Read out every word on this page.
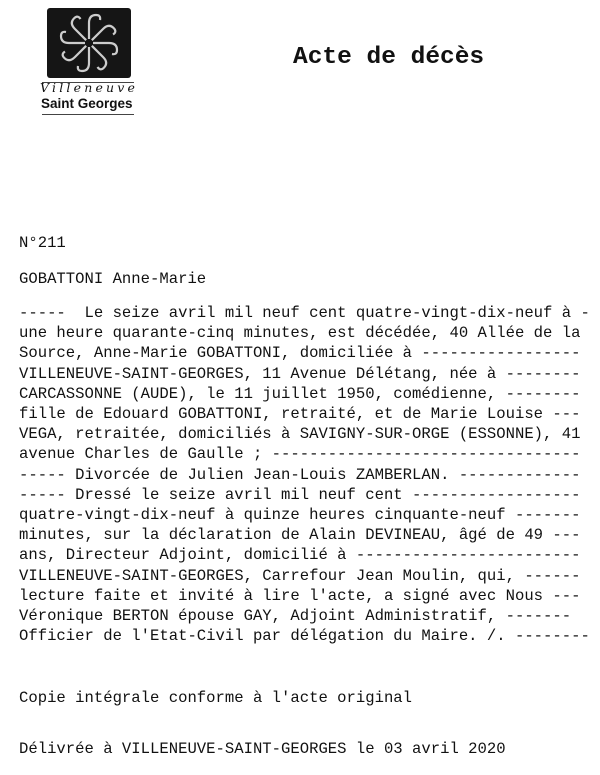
Villeneuve
Saint Georges
Acte de décès
N°211
GOBATTONI Anne-Marie
-----  Le seize avril mil neuf cent quatre-vingt-dix-neuf à -
une heure quarante-cinq minutes, est décédée, 40 Allée de la
Source, Anne-Marie GOBATTONI, domiciliée à -----------------
VILLENEUVE-SAINT-GEORGES, 11 Avenue Délétang, née à --------
CARCASSONNE (AUDE), le 11 juillet 1950, comédienne, --------
fille de Edouard GOBATTONI, retraité, et de Marie Louise ---
VEGA, retraitée, domiciliés à SAVIGNY-SUR-ORGE (ESSONNE), 41
avenue Charles de Gaulle ; ---------------------------------
----- Divorcée de Julien Jean-Louis ZAMBERLAN. -------------
----- Dressé le seize avril mil neuf cent ------------------
quatre-vingt-dix-neuf à quinze heures cinquante-neuf -------
minutes, sur la déclaration de Alain DEVINEAU, âgé de 49 ---
ans, Directeur Adjoint, domicilié à ------------------------
VILLENEUVE-SAINT-GEORGES, Carrefour Jean Moulin, qui, ------
lecture faite et invité à lire l'acte, a signé avec Nous ---
Véronique BERTON épouse GAY, Adjoint Administratif, -------
Officier de l'Etat-Civil par délégation du Maire. /. --------

Copie intégrale conforme à l'acte original

Délivrée à VILLENEUVE-SAINT-GEORGES le 03 avril 2020
